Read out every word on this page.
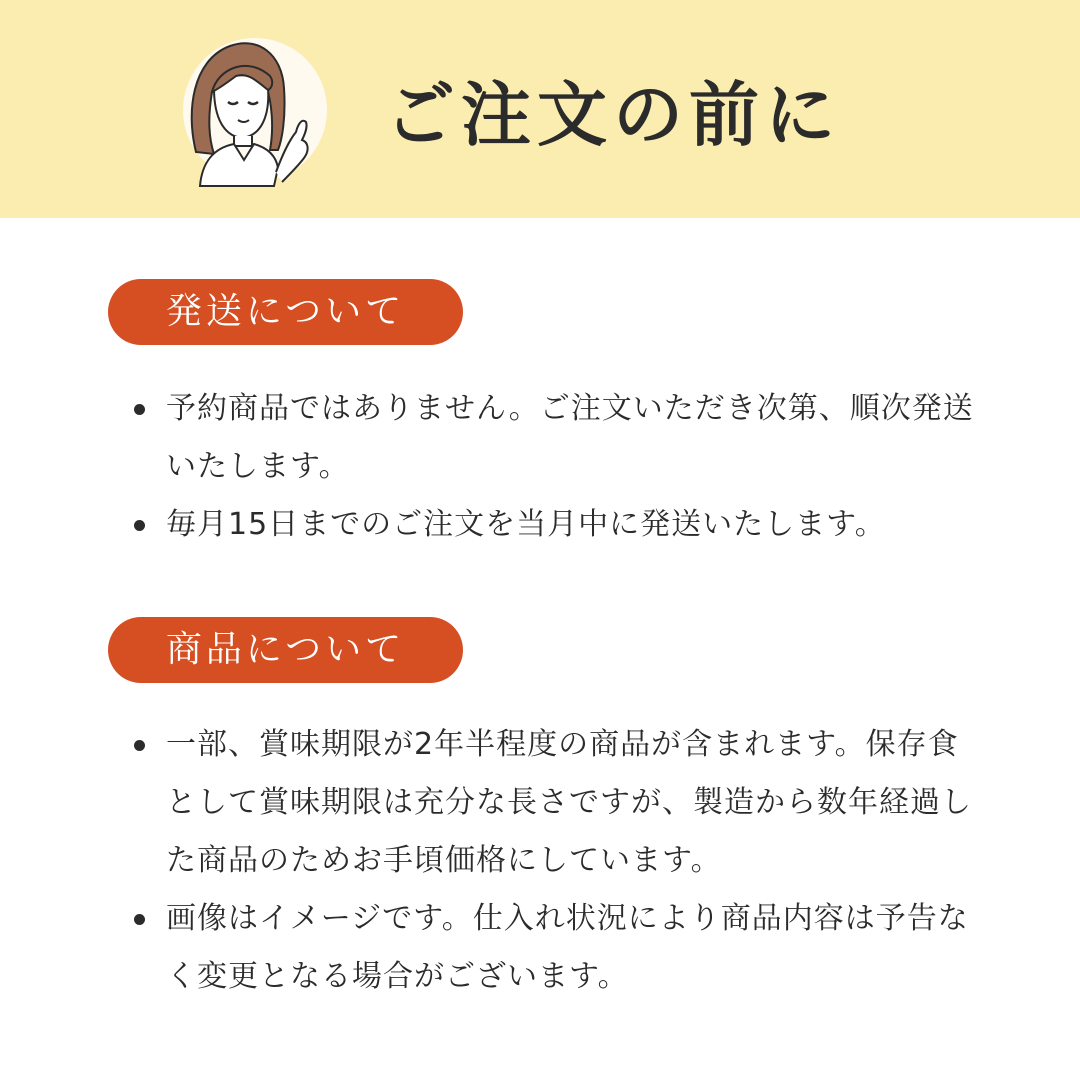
ご注文の前に
発送について
予約商品ではありません。ご注文いただき次第、順次発送いたします。
毎月15日までのご注文を当月中に発送いたします。
商品について
一部、賞味期限が2年半程度の商品が含まれます。保存食として賞味期限は充分な長さですが、製造から数年経過した商品のためお手頃価格にしています。
画像はイメージです。仕入れ状況により商品内容は予告なく変更となる場合がございます。
